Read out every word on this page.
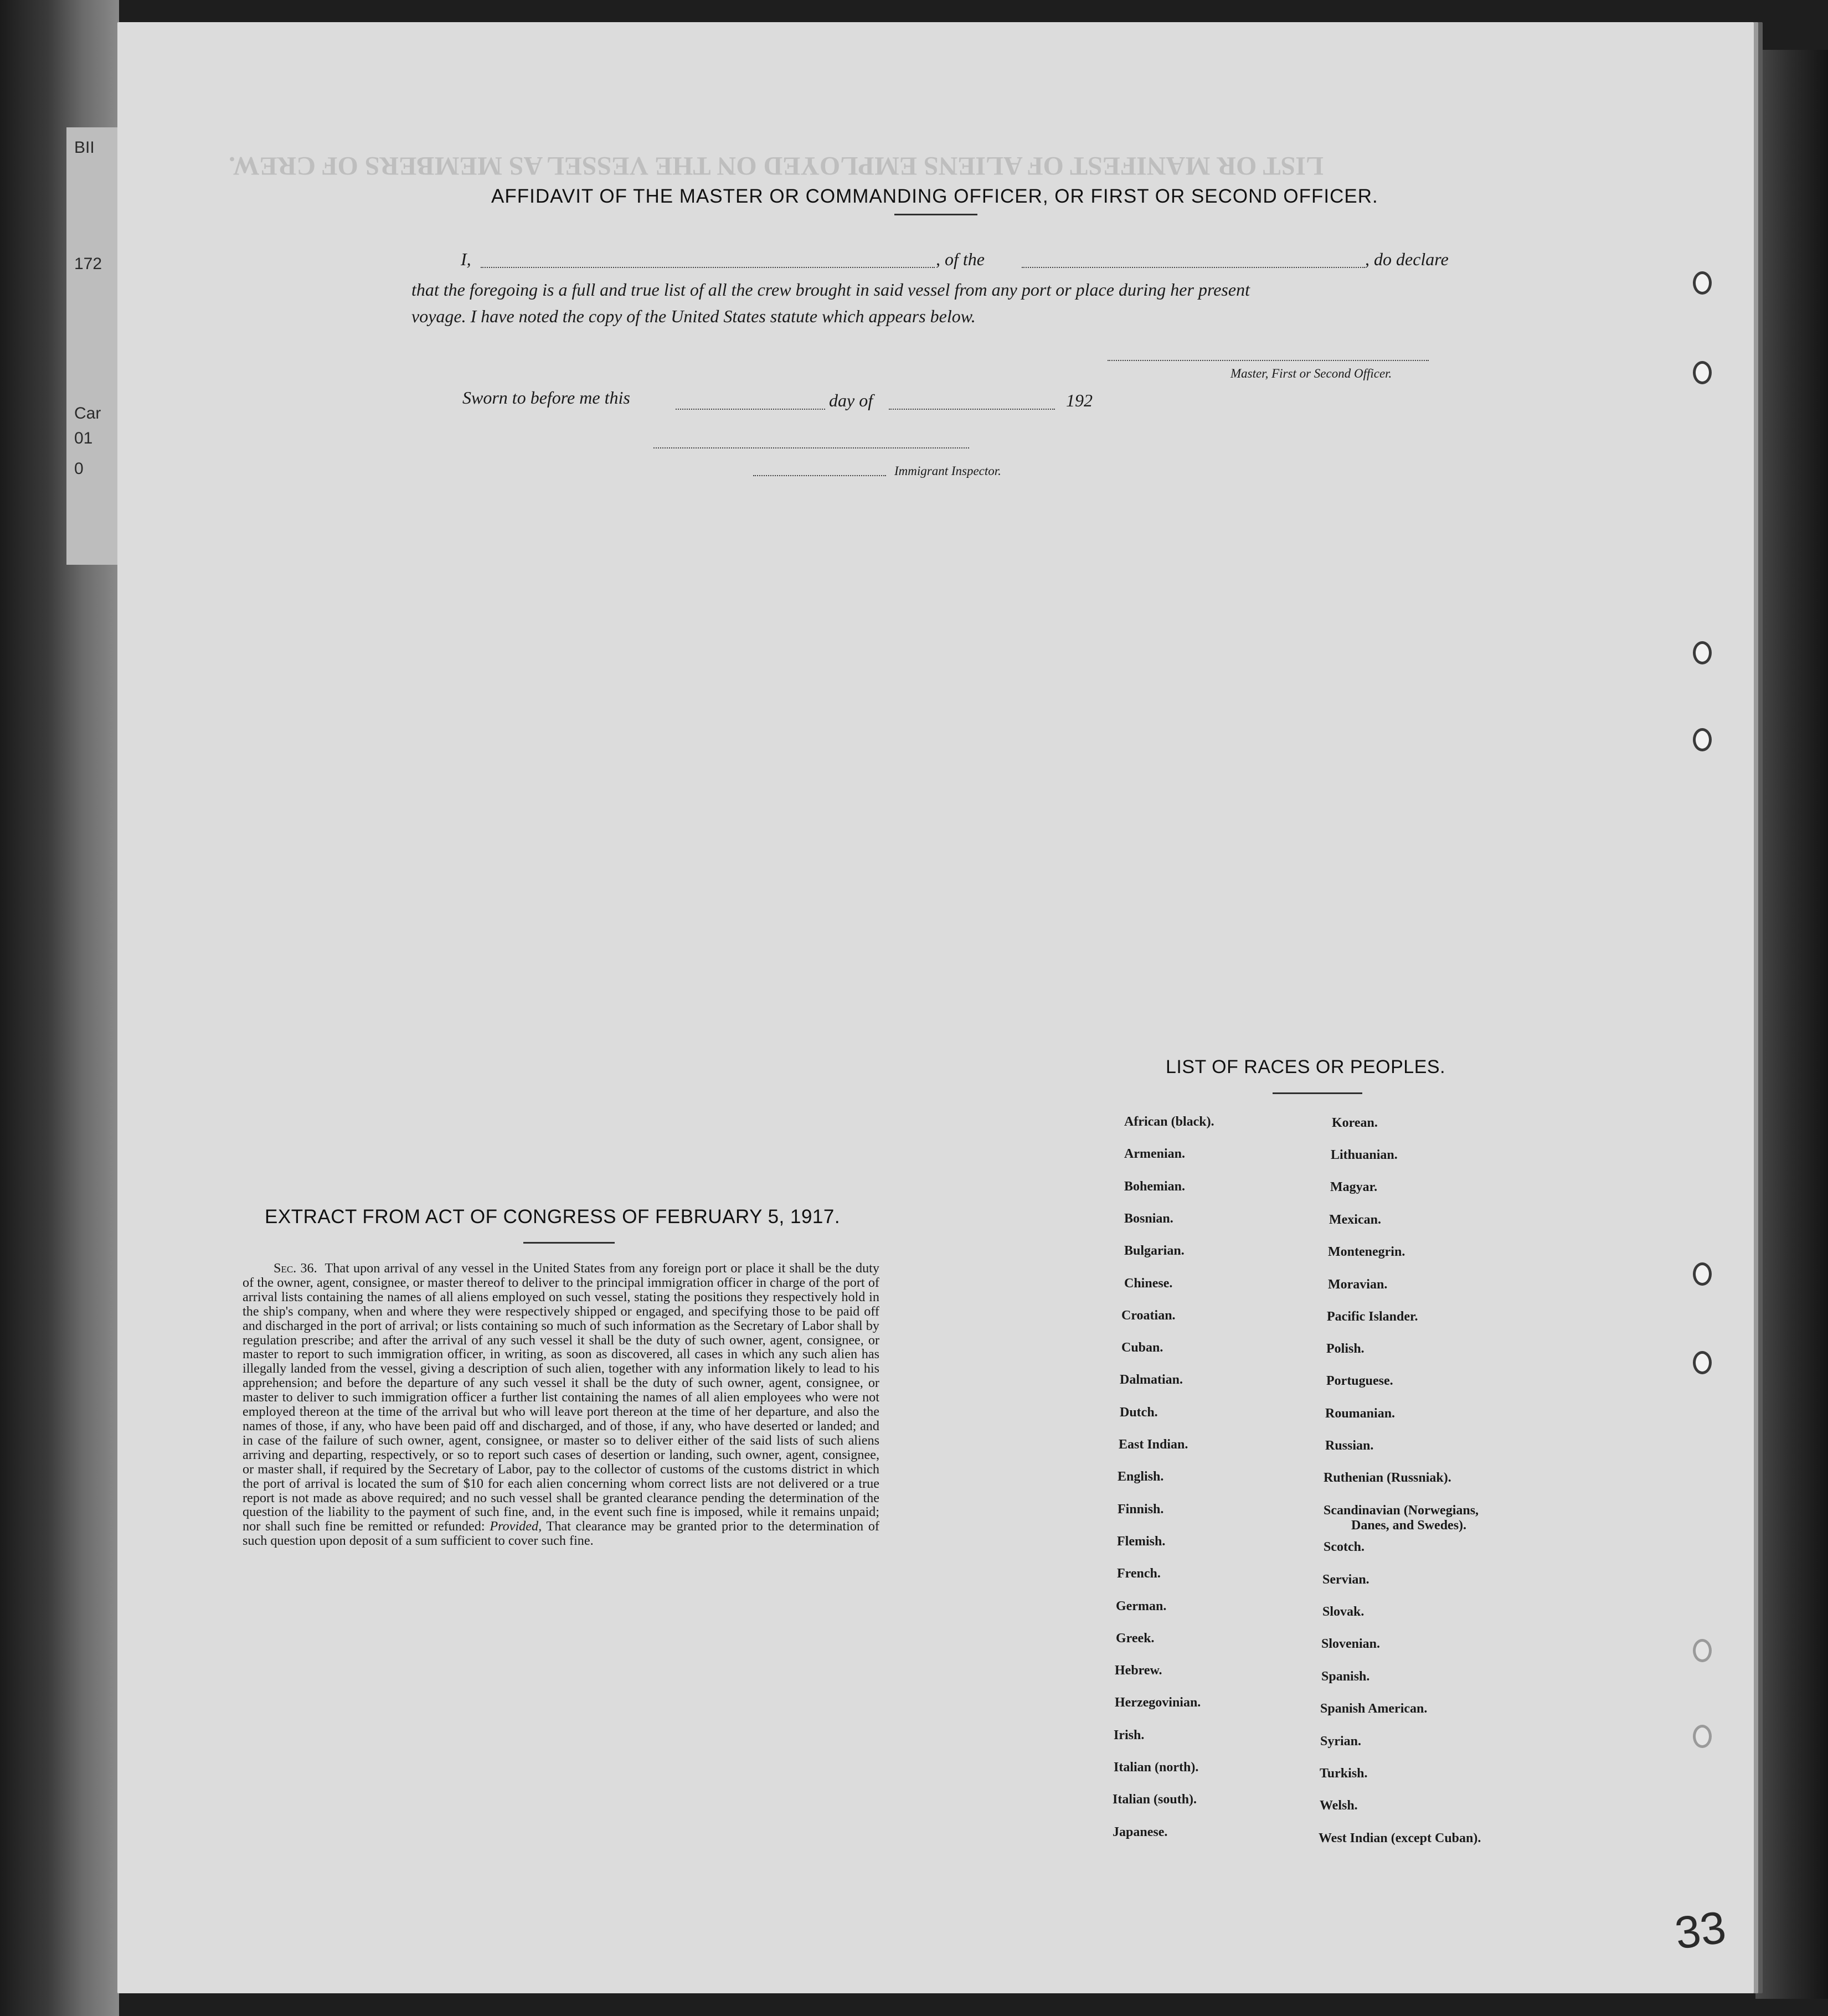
BII
172
Car
01
0
LIST OR MANIFEST OF ALIENS EMPLOYED ON THE VESSEL AS MEMBERS OF CREW.
AFFIDAVIT OF THE MASTER OR COMMANDING OFFICER, OR FIRST OR SECOND OFFICER.
I,	, of the	, do declare
that the foregoing is a full and true list of all the crew brought in said vessel from any port or place during her present
voyage. I have noted the copy of the United States statute which appears below.
Master, First or Second Officer.
Sworn to before me this	day of	192
Immigrant Inspector.
EXTRACT FROM ACT OF CONGRESS OF FEBRUARY 5, 1917.
Sec. 36. That upon arrival of any vessel in the United States from any foreign port or place it shall be the duty of the owner, agent, consignee, or master thereof to deliver to the principal immigration officer in charge of the port of arrival lists containing the names of all aliens employed on such vessel, stating the positions they respectively hold in the ship's company, when and where they were respectively shipped or engaged, and specifying those to be paid off and discharged in the port of arrival; or lists containing so much of such information as the Secretary of Labor shall by regulation prescribe; and after the arrival of any such vessel it shall be the duty of such owner, agent, consignee, or master to report to such immigration officer, in writing, as soon as discovered, all cases in which any such alien has illegally landed from the vessel, giving a description of such alien, together with any information likely to lead to his apprehension; and before the departure of any such vessel it shall be the duty of such owner, agent, consignee, or master to deliver to such immigration officer a further list containing the names of all alien employees who were not employed thereon at the time of the arrival but who will leave port thereon at the time of her departure, and also the names of those, if any, who have been paid off and discharged, and of those, if any, who have deserted or landed; and in case of the failure of such owner, agent, consignee, or master so to deliver either of the said lists of such aliens arriving and departing, respectively, or so to report such cases of desertion or landing, such owner, agent, consignee, or master shall, if required by the Secretary of Labor, pay to the collector of customs of the customs district in which the port of arrival is located the sum of $10 for each alien concerning whom correct lists are not delivered or a true report is not made as above required; and no such vessel shall be granted clearance pending the determination of the question of the liability to the payment of such fine, and, in the event such fine is imposed, while it remains unpaid; nor shall such fine be remitted or refunded: Provided, That clearance may be granted prior to the determination of such question upon deposit of a sum sufficient to cover such fine.
LIST OF RACES OR PEOPLES.
African (black).
Armenian.
Bohemian.
Bosnian.
Bulgarian.
Chinese.
Croatian.
Cuban.
Dalmatian.
Dutch.
East Indian.
English.
Finnish.
Flemish.
French.
German.
Greek.
Hebrew.
Herzegovinian.
Irish.
Italian (north).
Italian (south).
Japanese.
Korean.
Lithuanian.
Magyar.
Mexican.
Montenegrin.
Moravian.
Pacific Islander.
Polish.
Portuguese.
Roumanian.
Russian.
Ruthenian (Russniak).
Scandinavian (Norwegians,
Danes, and Swedes).
Scotch.
Servian.
Slovak.
Slovenian.
Spanish.
Spanish American.
Syrian.
Turkish.
Welsh.
West Indian (except Cuban).
33
